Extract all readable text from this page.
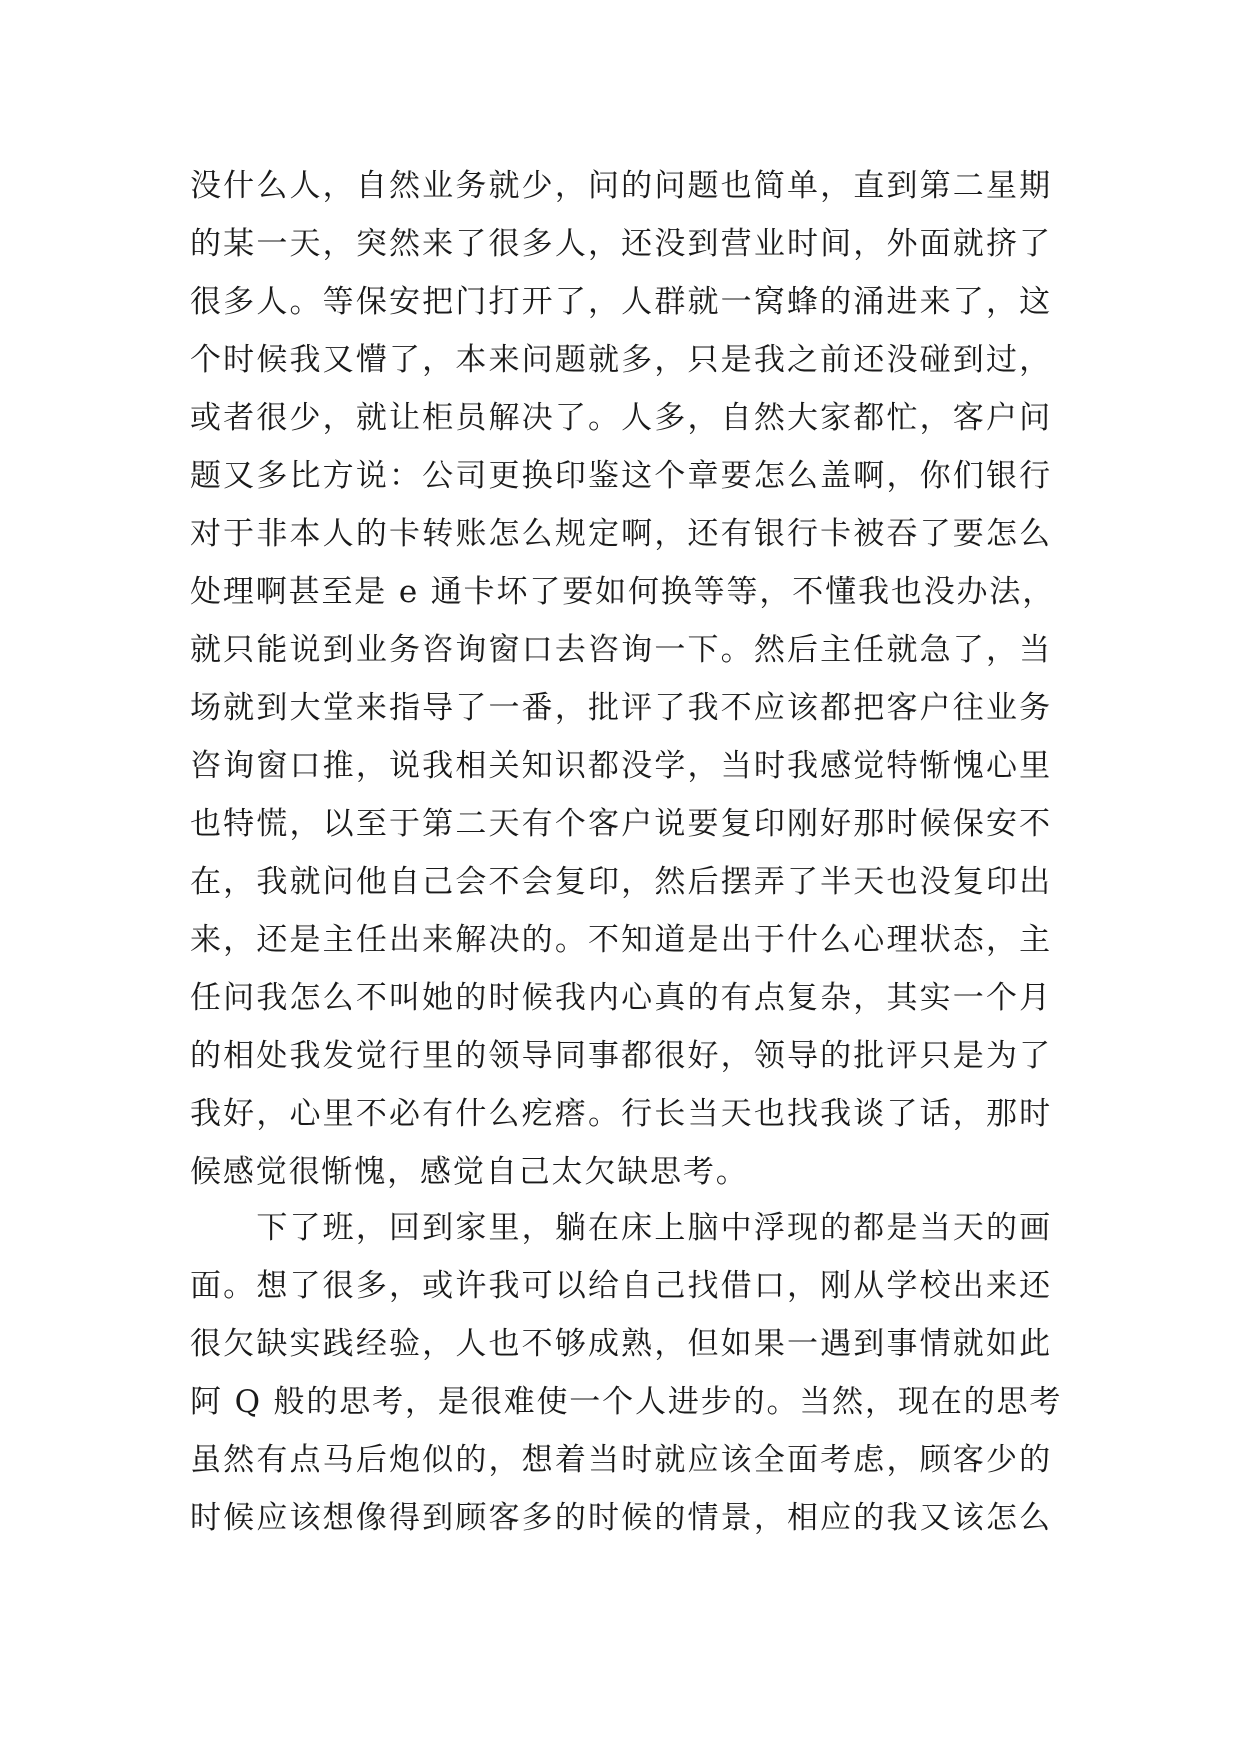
没什么人，自然业务就少，问的问题也简单，直到第二星期
的某一天，突然来了很多人，还没到营业时间，外面就挤了
很多人。等保安把门打开了，人群就一窝蜂的涌进来了，这
个时候我又懵了，本来问题就多，只是我之前还没碰到过，
或者很少，就让柜员解决了。人多，自然大家都忙，客户问
题又多比方说：公司更换印鉴这个章要怎么盖啊，你们银行
对于非本人的卡转账怎么规定啊，还有银行卡被吞了要怎么
处理啊甚至是 e 通卡坏了要如何换等等，不懂我也没办法，
就只能说到业务咨询窗口去咨询一下。然后主任就急了，当
场就到大堂来指导了一番，批评了我不应该都把客户往业务
咨询窗口推，说我相关知识都没学，当时我感觉特惭愧心里
也特慌，以至于第二天有个客户说要复印刚好那时候保安不
在，我就问他自己会不会复印，然后摆弄了半天也没复印出
来，还是主任出来解决的。不知道是出于什么心理状态，主
任问我怎么不叫她的时候我内心真的有点复杂，其实一个月
的相处我发觉行里的领导同事都很好，领导的批评只是为了
我好，心里不必有什么疙瘩。行长当天也找我谈了话，那时
候感觉很惭愧，感觉自己太欠缺思考。
　　下了班，回到家里，躺在床上脑中浮现的都是当天的画
面。想了很多，或许我可以给自己找借口，刚从学校出来还
很欠缺实践经验，人也不够成熟，但如果一遇到事情就如此
阿 Q 般的思考，是很难使一个人进步的。当然，现在的思考
虽然有点马后炮似的，想着当时就应该全面考虑，顾客少的
时候应该想像得到顾客多的时候的情景，相应的我又该怎么
